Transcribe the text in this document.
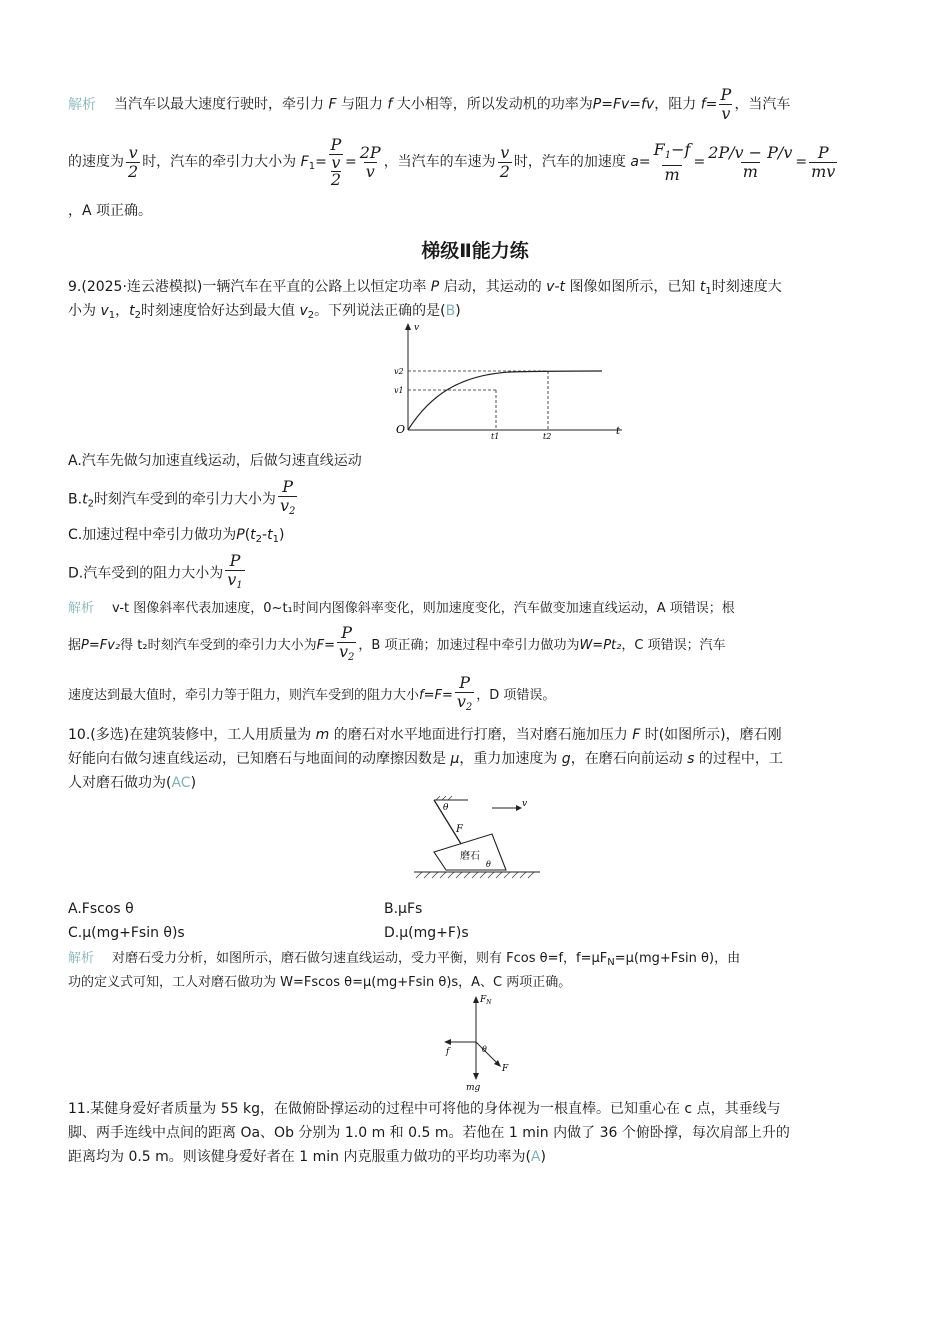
解析 当汽车以最大速度行驶时，牵引力 F 与阻力 f 大小相等，所以发动机的功率为P=Fv=fv，阻力 $f= \frac{P}{v}$ ，当汽车
的速度为 $\frac{v}{2}$ 时，汽车的牵引力大小为 $F_1= P$
v
$2 = \frac{2P}{v}$ ，当汽车的车速为 $\frac{v}{2}$ 时，汽车的加速度 $a= \frac{F_1-f}{m} = \frac{2P/v - P/v}{m} = \frac{P}{mv}$
，A 项正确。
梯级Ⅱ能力练
9.(2025·连云港模拟)一辆汽车在平直的公路上以恒定功率 P 启动，其运动的 v-t 图像如图所示，已知 $t_1$时刻速度大
小为 $v_1$，$t_2$时刻速度恰好达到最大值 $v_2$。下列说法正确的是(B)
v
t
O
v2
v1
t1	t2
A.汽车先做匀加速直线运动，后做匀速直线运动
$B.t_2$时刻汽车受到的牵引力大小为 $\frac{P}{v_2}$
C.加速过程中牵引力做功为$P(t_2-t_1)$
D.汽车受到的阻力大小为 $\frac{P}{v_1}$
解析 v-t 图像斜率代表加速度，0~t₁时间内图像斜率变化，则加速度变化，汽车做变加速直线运动，A 项错误；根
据P=Fv₂得 t₂时刻汽车受到的牵引力大小为$F= \frac{P}{v_2}$ ，B 项正确；加速过程中牵引力做功为W=Pt₂，C 项错误；汽车
速度达到最大值时，牵引力等于阻力，则汽车受到的阻力大小$f=F= \frac{P}{v_2}$ ，D 项错误。
10.(多选)在建筑装修中，工人用质量为 m 的磨石对水平地面进行打磨，当对磨石施加压力 F 时(如图所示)，磨石刚
好能向右做匀速直线运动，已知磨石与地面间的动摩擦因数是 μ，重力加速度为 g，在磨石向前运动 s 的过程中，工
人对磨石做功为(AC)
θ	v
F
磨石
θ
A.Fscos θ	B.μFs
C.μ(mg+Fsin θ)s	D.μ(mg+F)s
解析 对磨石受力分析，如图所示，磨石做匀速直线运动，受力平衡，则有 Fcos θ=f，$f=\mu F_N=\mu(mg+Fsin$ θ)，由
功的定义式可知，工人对磨石做功为 W=Fscos θ=μ(mg+Fsin θ)s，A、C 两项正确。
$F_N$
f
F
θ
mg
11.某健身爱好者质量为 55 kg，在做俯卧撑运动的过程中可将他的身体视为一根直棒。已知重心在 c 点，其垂线与
脚、两手连线中点间的距离 Oa、Ob 分别为 1.0 m 和 0.5 m。若他在 1 min 内做了 36 个俯卧撑，每次肩部上升的
距离均为 0.5 m。则该健身爱好者在 1 min 内克服重力做功的平均功率为(A)
